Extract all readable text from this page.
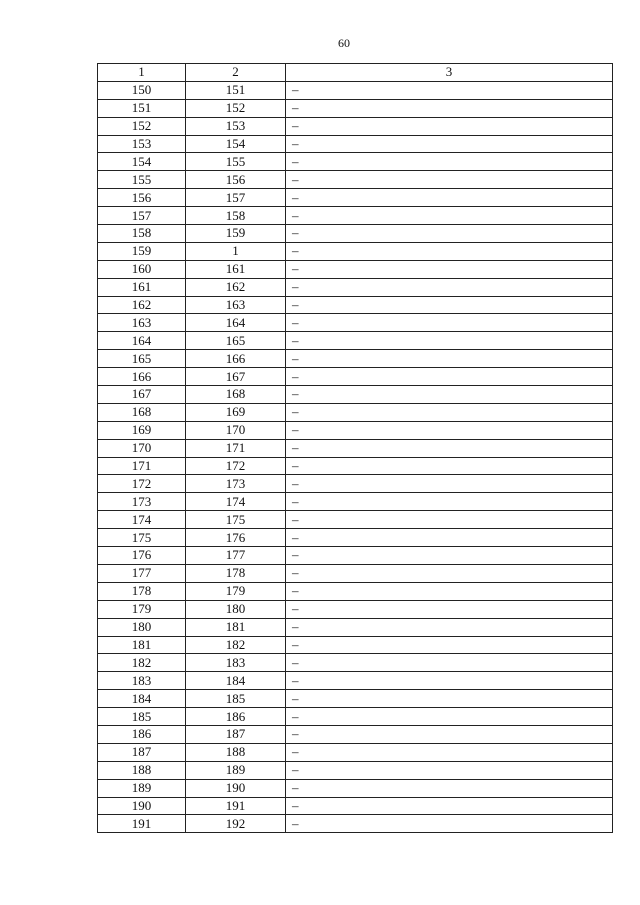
60
1	2	3
150	151	–
151	152	–
152	153	–
153	154	–
154	155	–
155	156	–
156	157	–
157	158	–
158	159	–
159	1	–
160	161	–
161	162	–
162	163	–
163	164	–
164	165	–
165	166	–
166	167	–
167	168	–
168	169	–
169	170	–
170	171	–
171	172	–
172	173	–
173	174	–
174	175	–
175	176	–
176	177	–
177	178	–
178	179	–
179	180	–
180	181	–
181	182	–
182	183	–
183	184	–
184	185	–
185	186	–
186	187	–
187	188	–
188	189	–
189	190	–
190	191	–
191	192	–
